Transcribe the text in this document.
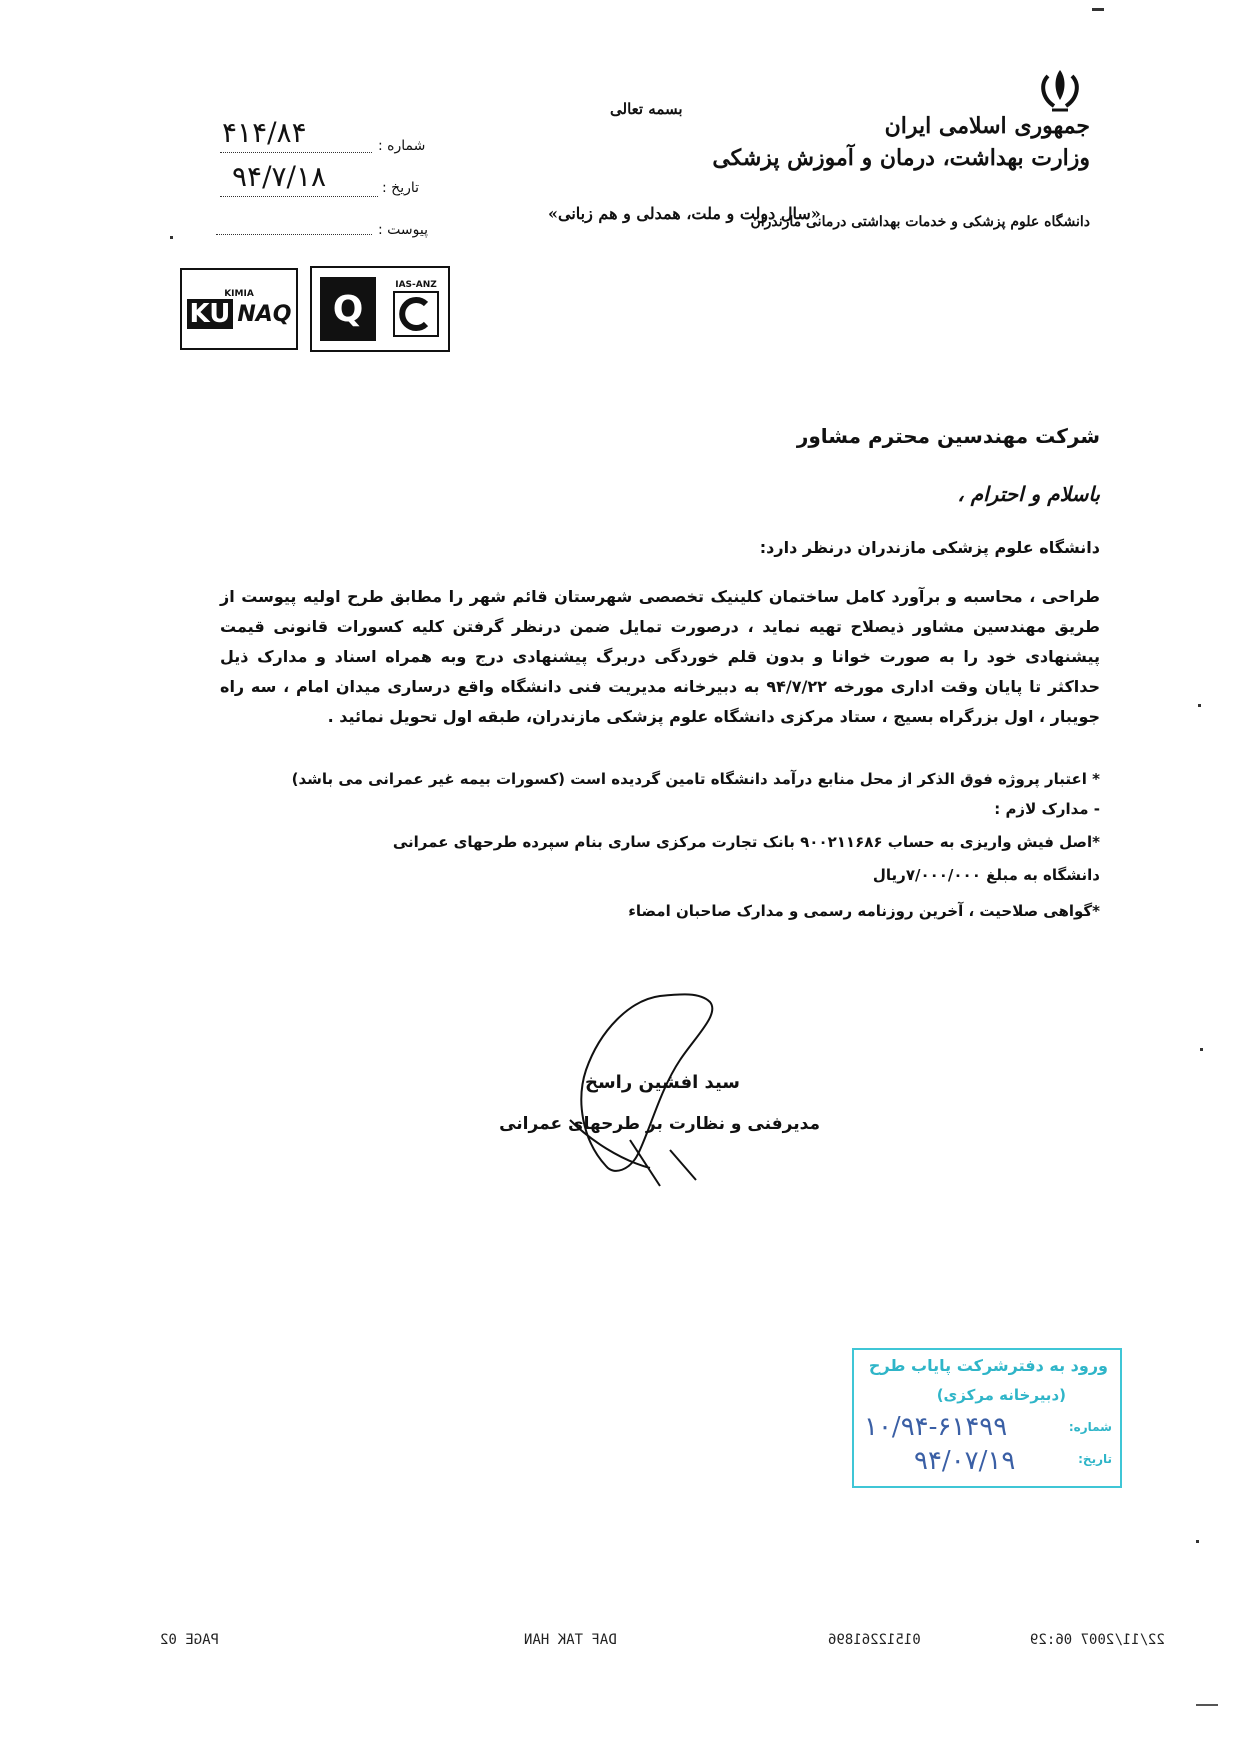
جمهوری اسلامی ایران
وزارت بهداشت، درمان و آموزش پزشکی
دانشگاه علوم پزشکی و خدمات بهداشتی درمانی مازندران
بسمه تعالی
«سال دولت و ملت، همدلی و هم زبانی»
شماره :
۴۱۴/۸۴
تاریخ :
۹۴/۷/۱۸
پیوست :
KIMIA
KU NAQ	Q
IAS-ANZ
شرکت مهندسین محترم مشاور
باسلام و احترام ،
دانشگاه علوم پزشکی مازندران درنظر دارد:
طراحی ، محاسبه و برآورد کامل ساختمان کلینیک تخصصی شهرستان قائم شهر را مطابق طرح اولیه پیوست از طریق مهندسین مشاور ذیصلاح تهیه نماید ، درصورت تمایل ضمن درنظر گرفتن کلیه کسورات قانونی قیمت پیشنهادی خود را به صورت خوانا و بدون قلم خوردگی دربرگ پیشنهادی درج وبه همراه اسناد و مدارک ذیل حداکثر تا پایان وقت اداری مورخه ۹۴/۷/۲۲ به دبیرخانه مدیریت فنی دانشگاه واقع درساری میدان امام ، سه راه جویبار ، اول بزرگراه بسیج ، ستاد مرکزی دانشگاه علوم پزشکی مازندران، طبقه اول تحویل نمائید .
* اعتبار پروژه فوق الذکر از محل منابع درآمد دانشگاه تامین گردیده است (کسورات بیمه غیر عمرانی می باشد)
- مدارک لازم :
*اصل فیش واریزی به حساب ۹۰۰۲۱۱۶۸۶ بانک تجارت مرکزی ساری بنام سپرده طرحهای عمرانی
دانشگاه به مبلغ ۷/۰۰۰/۰۰۰ریال
*گواهی صلاحیت ، آخرین روزنامه رسمی و مدارک صاحبان امضاء
سید افشین راسخ
مدیرفنی و نظارت بر طرحهای عمرانی
ورود به دفترشرکت پایاب طرح
(دبیرخانه مرکزی)
شماره:
۱۰/۹۴-۶۱۴۹۹
تاریخ:
۹۴/۰۷/۱۹
22/11/2007 06:29
01512261896
DAF TAK HAN
PAGE 02
